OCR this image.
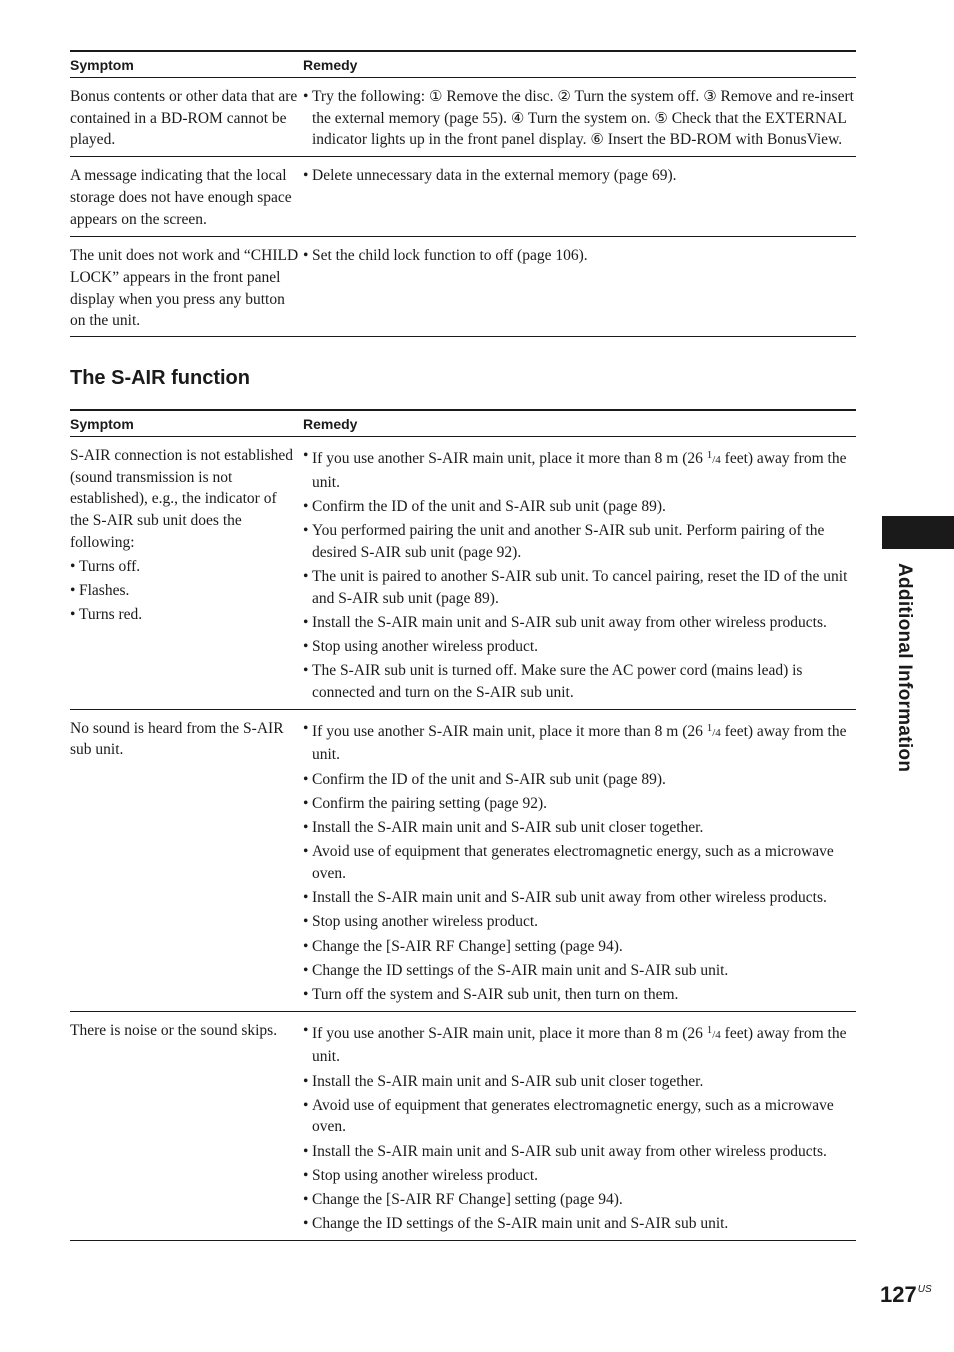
Symptom	Remedy
Bonus contents or other data that are contained in a BD-ROM cannot be played.
• Try the following: ① Remove the disc. ② Turn the system off. ③ Remove and re-insert the external memory (page 55). ④ Turn the system on. ⑤ Check that the EXTERNAL indicator lights up in the front panel display. ⑥ Insert the BD-ROM with BonusView.
A message indicating that the local storage does not have enough space appears on the screen.
• Delete unnecessary data in the external memory (page 69).
The unit does not work and “CHILD LOCK” appears in the front panel display when you press any button on the unit.
• Set the child lock function to off (page 106).
The S-AIR function
Symptom	Remedy
S-AIR connection is not established (sound transmission is not established), e.g., the indicator of the S-AIR sub unit does the following:
• Turns off.
• Flashes.
• Turns red.
• If you use another S-AIR main unit, place it more than 8 m (26 1/4 feet) away from the unit.
• Confirm the ID of the unit and S-AIR sub unit (page 89).
• You performed pairing the unit and another S-AIR sub unit. Perform pairing of the desired S-AIR sub unit (page 92).
• The unit is paired to another S-AIR sub unit. To cancel pairing, reset the ID of the unit and S-AIR sub unit (page 89).
• Install the S-AIR main unit and S-AIR sub unit away from other wireless products.
• Stop using another wireless product.
• The S-AIR sub unit is turned off. Make sure the AC power cord (mains lead) is connected and turn on the S-AIR sub unit.
No sound is heard from the S-AIR sub unit.
• If you use another S-AIR main unit, place it more than 8 m (26 1/4 feet) away from the unit.
• Confirm the ID of the unit and S-AIR sub unit (page 89).
• Confirm the pairing setting (page 92).
• Install the S-AIR main unit and S-AIR sub unit closer together.
• Avoid use of equipment that generates electromagnetic energy, such as a microwave oven.
• Install the S-AIR main unit and S-AIR sub unit away from other wireless products.
• Stop using another wireless product.
• Change the [S-AIR RF Change] setting (page 94).
• Change the ID settings of the S-AIR main unit and S-AIR sub unit.
• Turn off the system and S-AIR sub unit, then turn on them.
There is noise or the sound skips.
•	If you use another S-AIR main unit, place it more than 8 m (26 1/4 feet) away from the unit.
• Install the S-AIR main unit and S-AIR sub unit closer together.
• Avoid use of equipment that generates electromagnetic energy, such as a microwave oven.
• Install the S-AIR main unit and S-AIR sub unit away from other wireless products.
• Stop using another wireless product.
• Change the [S-AIR RF Change] setting (page 94).
• Change the ID settings of the S-AIR main unit and S-AIR sub unit.
Additional Information
$127^{US}$
